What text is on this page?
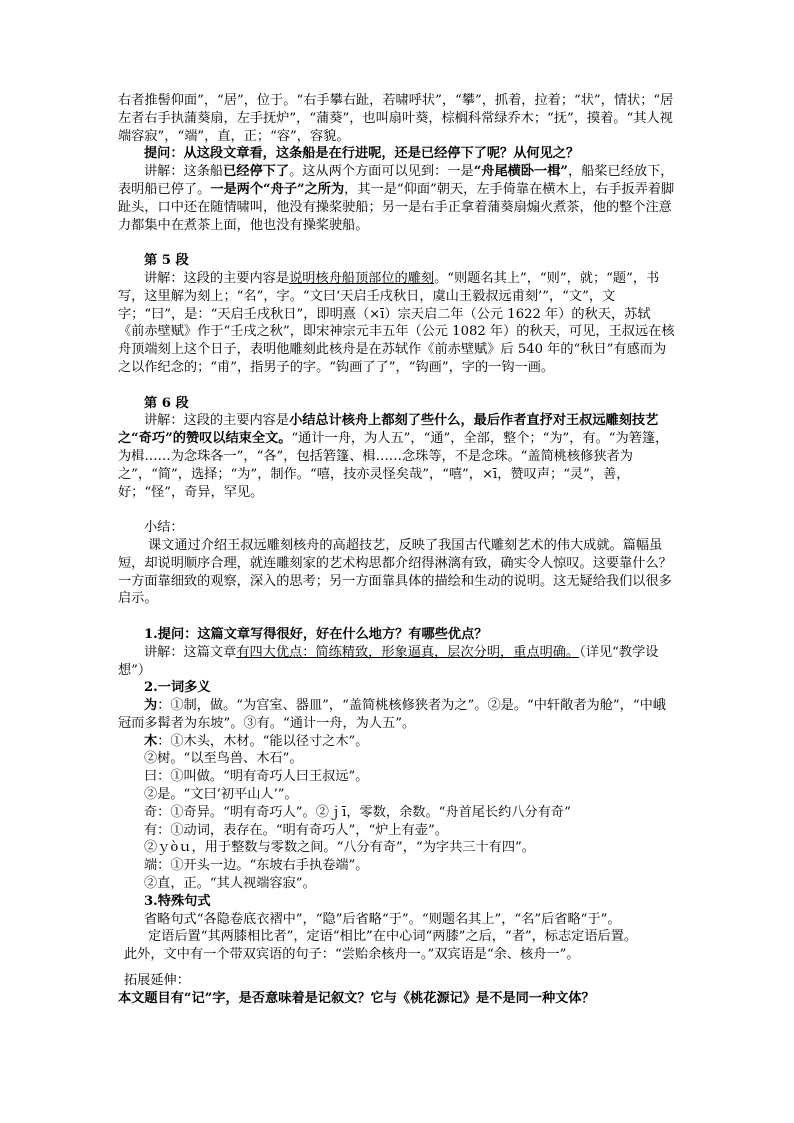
右者推髻仰面”，“居”，位于。“右手攀右趾，若啸呼状”，“攀”，抓着，拉着；“状”，情状；“居左者右手执蒲葵扇，左手抚炉”，“蒲葵”，也叫扇叶葵，棕榈科常绿乔木；“抚”，摸着。“其人视端容寂”，“端”，直，正；“容”，容貌。

提问：从这段文章看，这条船是在行进呢，还是已经停下了呢？从何见之？

讲解：这条船已经停下了。这从两个方面可以见到：一是“舟尾横卧一楫”，船桨已经放下，表明船已停了。一是两个“舟子”之所为，其一是“仰面”朝天，左手倚靠在横木上，右手扳弄着脚趾头，口中还在随情啸叫，他没有操桨驶船；另一是右手正拿着蒲葵扇煽火煮茶，他的整个注意力都集中在煮茶上面，他也没有操桨驶船。

第 5 段

讲解：这段的主要内容是说明核舟船顶部位的雕刻。“则题名其上”，“则”，就；“题”，书写，这里解为刻上；“名”，字。“文曰‘天启壬戌秋日，虞山王毅叔远甫刻’”，“文”，文字；“曰”，是：“天启壬戌秋日”，即明熹（×ī）宗天启二年（公元 1622 年）的秋天，苏轼《前赤壁赋》作于“壬戌之秋”，即宋神宗元丰五年（公元 1082 年）的秋天，可见，王叔远在核舟顶端刻上这个日子，表明他雕刻此核舟是在苏轼作《前赤壁赋》后 540 年的“秋日”有感而为之以作纪念的；“甫”，指男子的字。“钩画了了”，“钩画”，字的一钩一画。

第 6 段

讲解：这段的主要内容是小结总计核舟上都刻了些什么，最后作者直抒对王叔远雕刻技艺之“奇巧”的赞叹以结束全文。“通计一舟，为人五”，“通”，全部，整个；“为”，有。“为箬篷，为楫……为念珠各一”，“各”，包括箬篷、楫……念珠等，不是念珠。“盖简桃核修狭者为之”，“简”，选择；“为”，制作。“嘻，技亦灵怪矣哉”，“嘻”，×ī，赞叹声；“灵”，善，好；“怪”，奇异，罕见。

小结：

课文通过介绍王叔远雕刻核舟的高超技艺，反映了我国古代雕刻艺术的伟大成就。篇幅虽短，却说明顺序合理，就连雕刻家的艺术构思都介绍得淋漓有致，确实令人惊叹。这要靠什么？一方面靠细致的观察，深入的思考；另一方面靠具体的描绘和生动的说明。这无疑给我们以很多启示。

1.提问：这篇文章写得很好，好在什么地方？有哪些优点？

讲解：这篇文章有四大优点：简练精致，形象逼真，层次分明，重点明确。（详见“教学设想”）

2.一词多义

为：①制，做。“为宫室、器皿”，“盖简桃核修狭者为之”。②是。“中轩敞者为舱”，“中峨冠而多髯者为东坡”。③有。“通计一舟，为人五”。

木：①木头，木材。“能以径寸之木”。

②树。“以至鸟兽、木石”。

曰：①叫做。“明有奇巧人曰王叔远”。

②是。“文曰‘初平山人’”。

奇：①奇异。“明有奇巧人”。②ｊī，零数，余数。“舟首尾长约八分有奇”

有：①动词，表存在。“明有奇巧人”，“炉上有壶”。

②ｙòｕ，用于整数与零数之间。“八分有奇”，“为字共三十有四”。

端：①开头一边。“东坡右手执卷端”。

②直，正。“其人视端容寂”。

3.特殊句式

省略句式“各隐卷底衣褶中”，“隐”后省略“于”。“则题名其上”，“名”后省略“于”。

定语后置“其两膝相比者”，定语“相比”在中心词“两膝”之后，“者”，标志定语后置。

此外，文中有一个带双宾语的句子：“尝贻余核舟一。”双宾语是“余、核舟一”。

拓展延伸：

本文题目有“记”字，是否意味着是记叙文？它与《桃花源记》是不是同一种文体？
